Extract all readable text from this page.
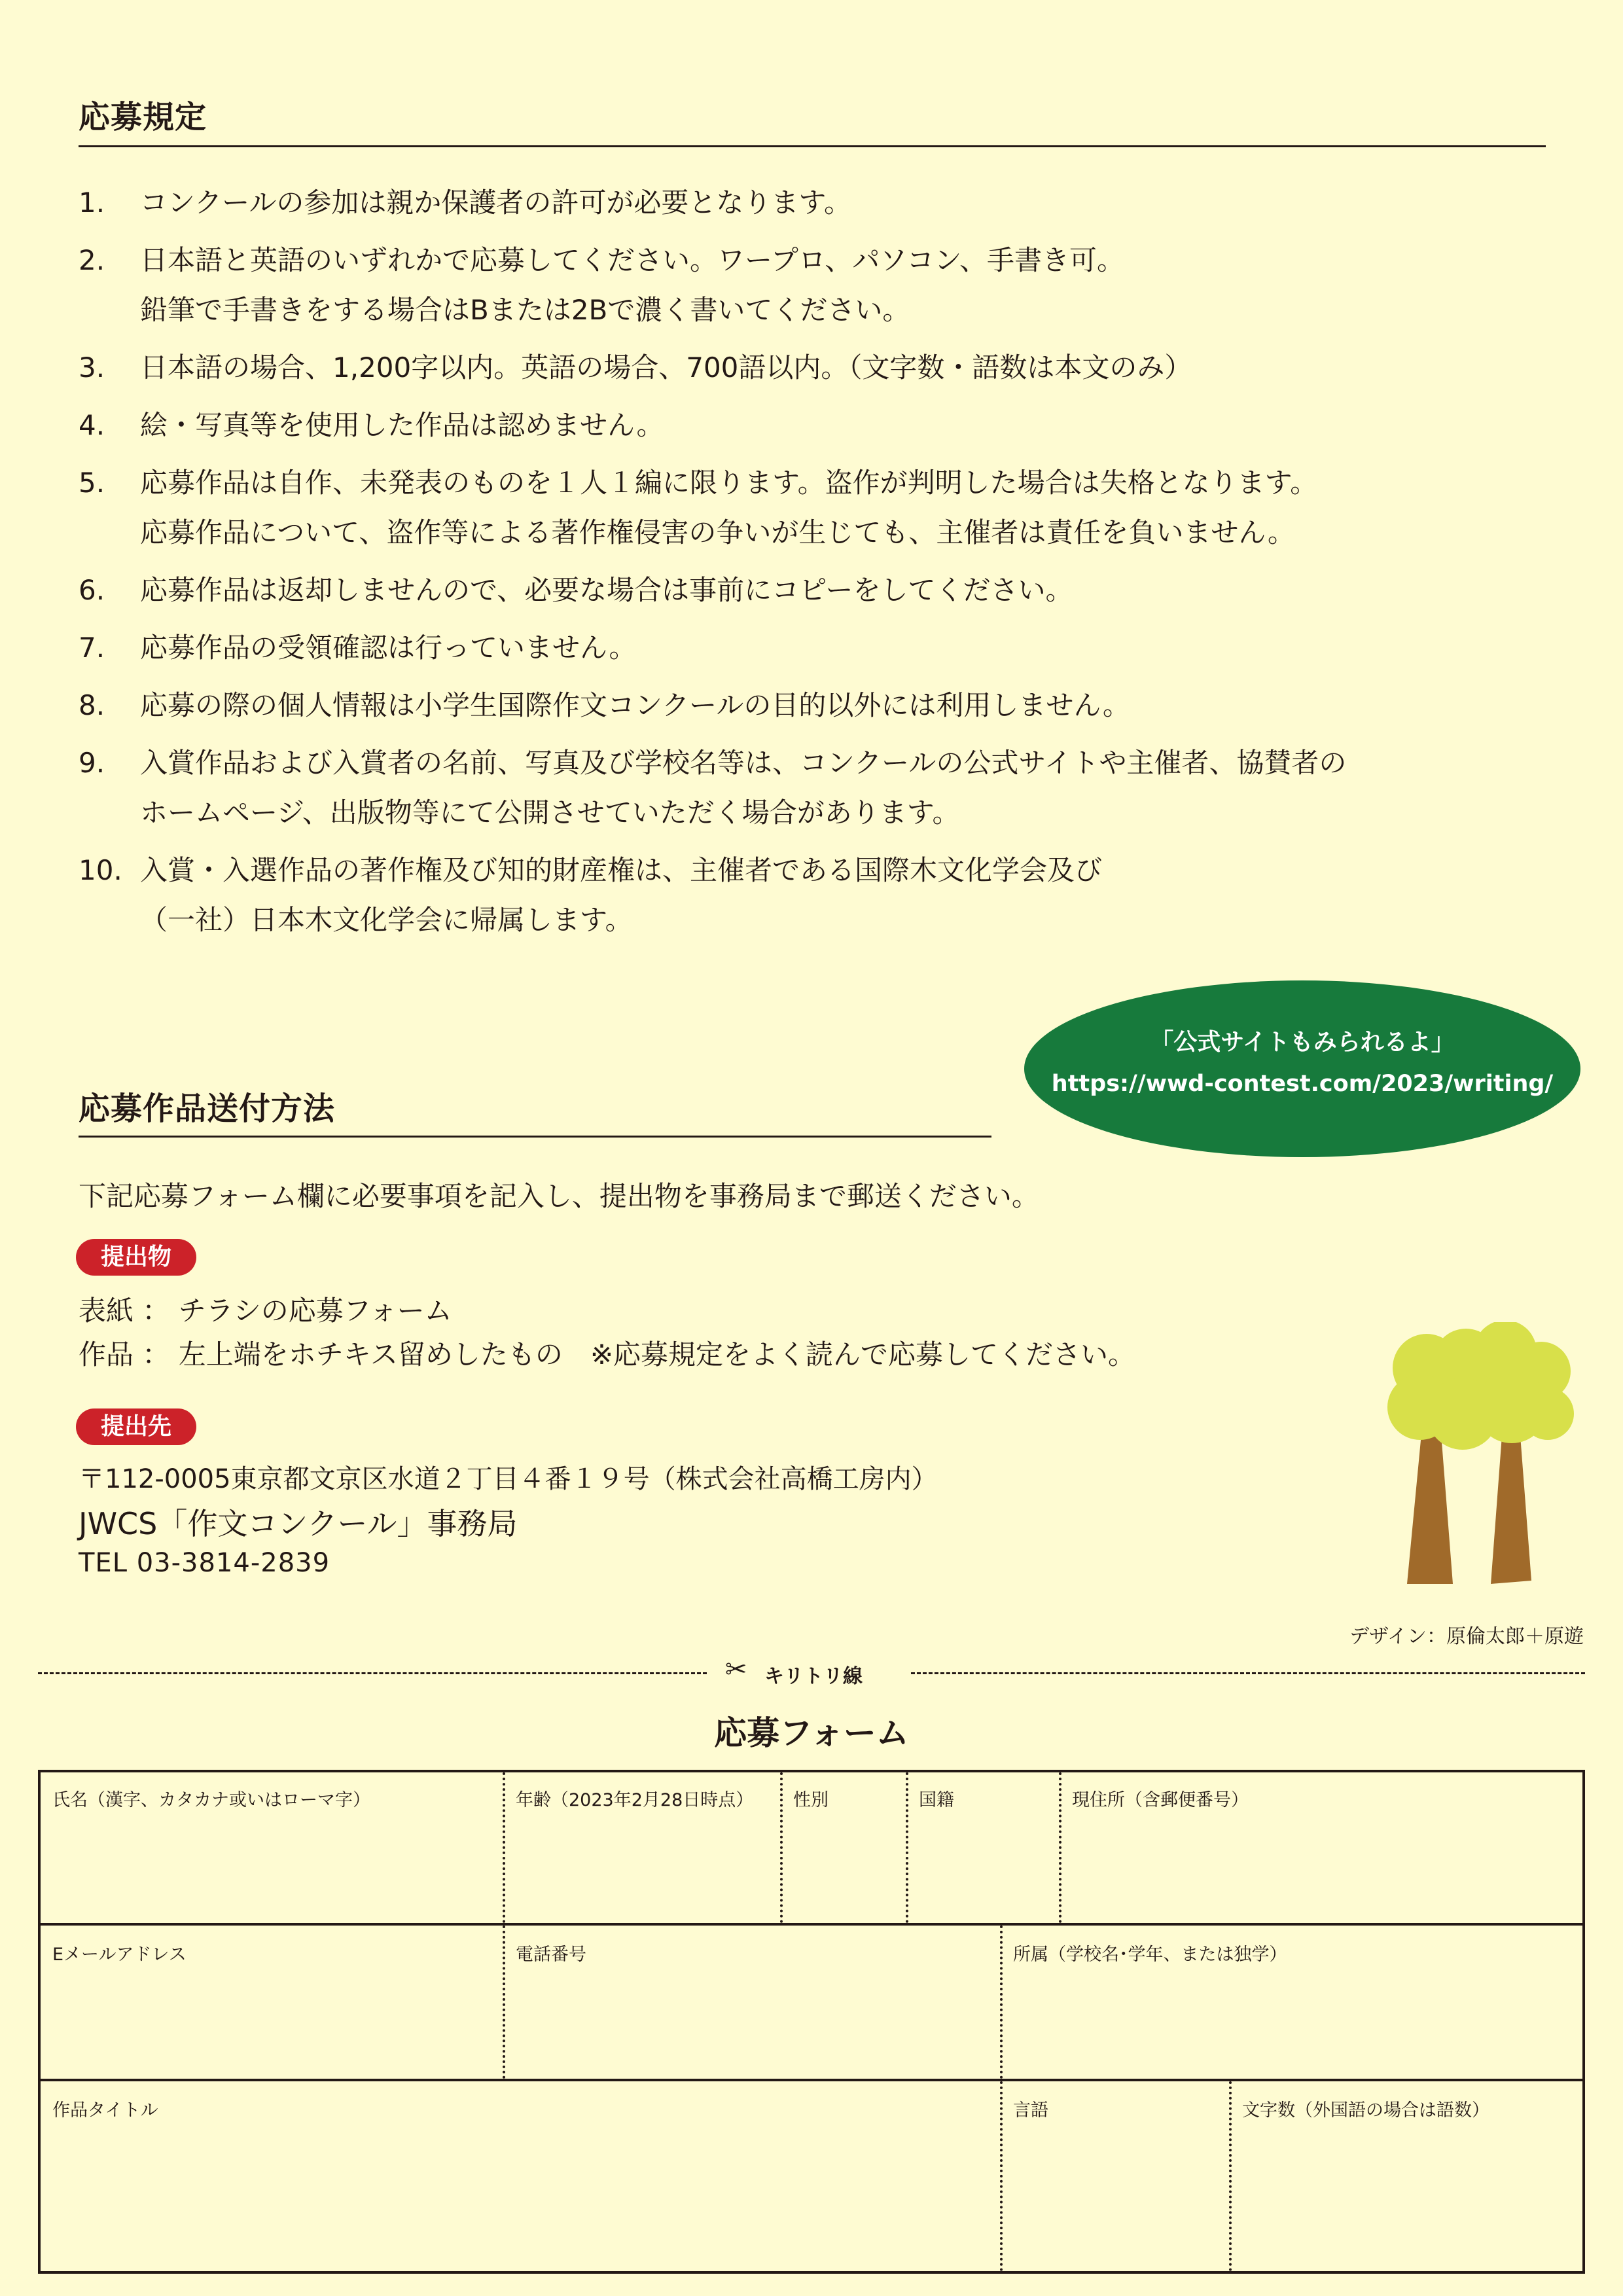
応募規定
1.	コンクールの参加は親か保護者の許可が必要となります。
2.	日本語と英語のいずれかで応募してください。ワープロ、パソコン、手書き可。
鉛筆で手書きをする場合はBまたは2Bで濃く書いてください。
3.	日本語の場合、1,200字以内。英語の場合、700語以内。（文字数・語数は本文のみ）
4.	絵・写真等を使用した作品は認めません。
5.	応募作品は自作、未発表のものを１人１編に限ります。盗作が判明した場合は失格となります。
応募作品について、盗作等による著作権侵害の争いが生じても、主催者は責任を負いません。
6.	応募作品は返却しませんので、必要な場合は事前にコピーをしてください。
7.	応募作品の受領確認は行っていません。
8.	応募の際の個人情報は小学生国際作文コンクールの目的以外には利用しません。
9.	入賞作品および入賞者の名前、写真及び学校名等は、コンクールの公式サイトや主催者、協賛者の
ホームページ、出版物等にて公開させていただく場合があります。
10. 入賞・入選作品の著作権及び知的財産権は、主催者である国際木文化学会及び
（一社）日本木文化学会に帰属します。
「公式サイトもみられるよ」
https://wwd-contest.com/2023/writing/
応募作品送付方法
下記応募フォーム欄に必要事項を記入し、提出物を事務局まで郵送ください。
提出物
表紙 ： チラシの応募フォーム
作品 ： 左上端をホチキス留めしたもの　※応募規定をよく読んで応募してください。
提出先
〒112-0005東京都文京区水道２丁目４番１９号（株式会社高橋工房内）
JWCS「作文コンクール」事務局
TEL 03-3814-2839
デザイン：原倫太郎＋原遊
✂ キリトリ線
応募フォーム
氏名（漢字、カタカナ或いはローマ字）	年齢（2023年2月28日時点） 性別	国籍	現住所（含郵便番号）
Eメールアドレス	電話番号	所属（学校名･学年、または独学）
作品タイトル	言語	文字数（外国語の場合は語数）
